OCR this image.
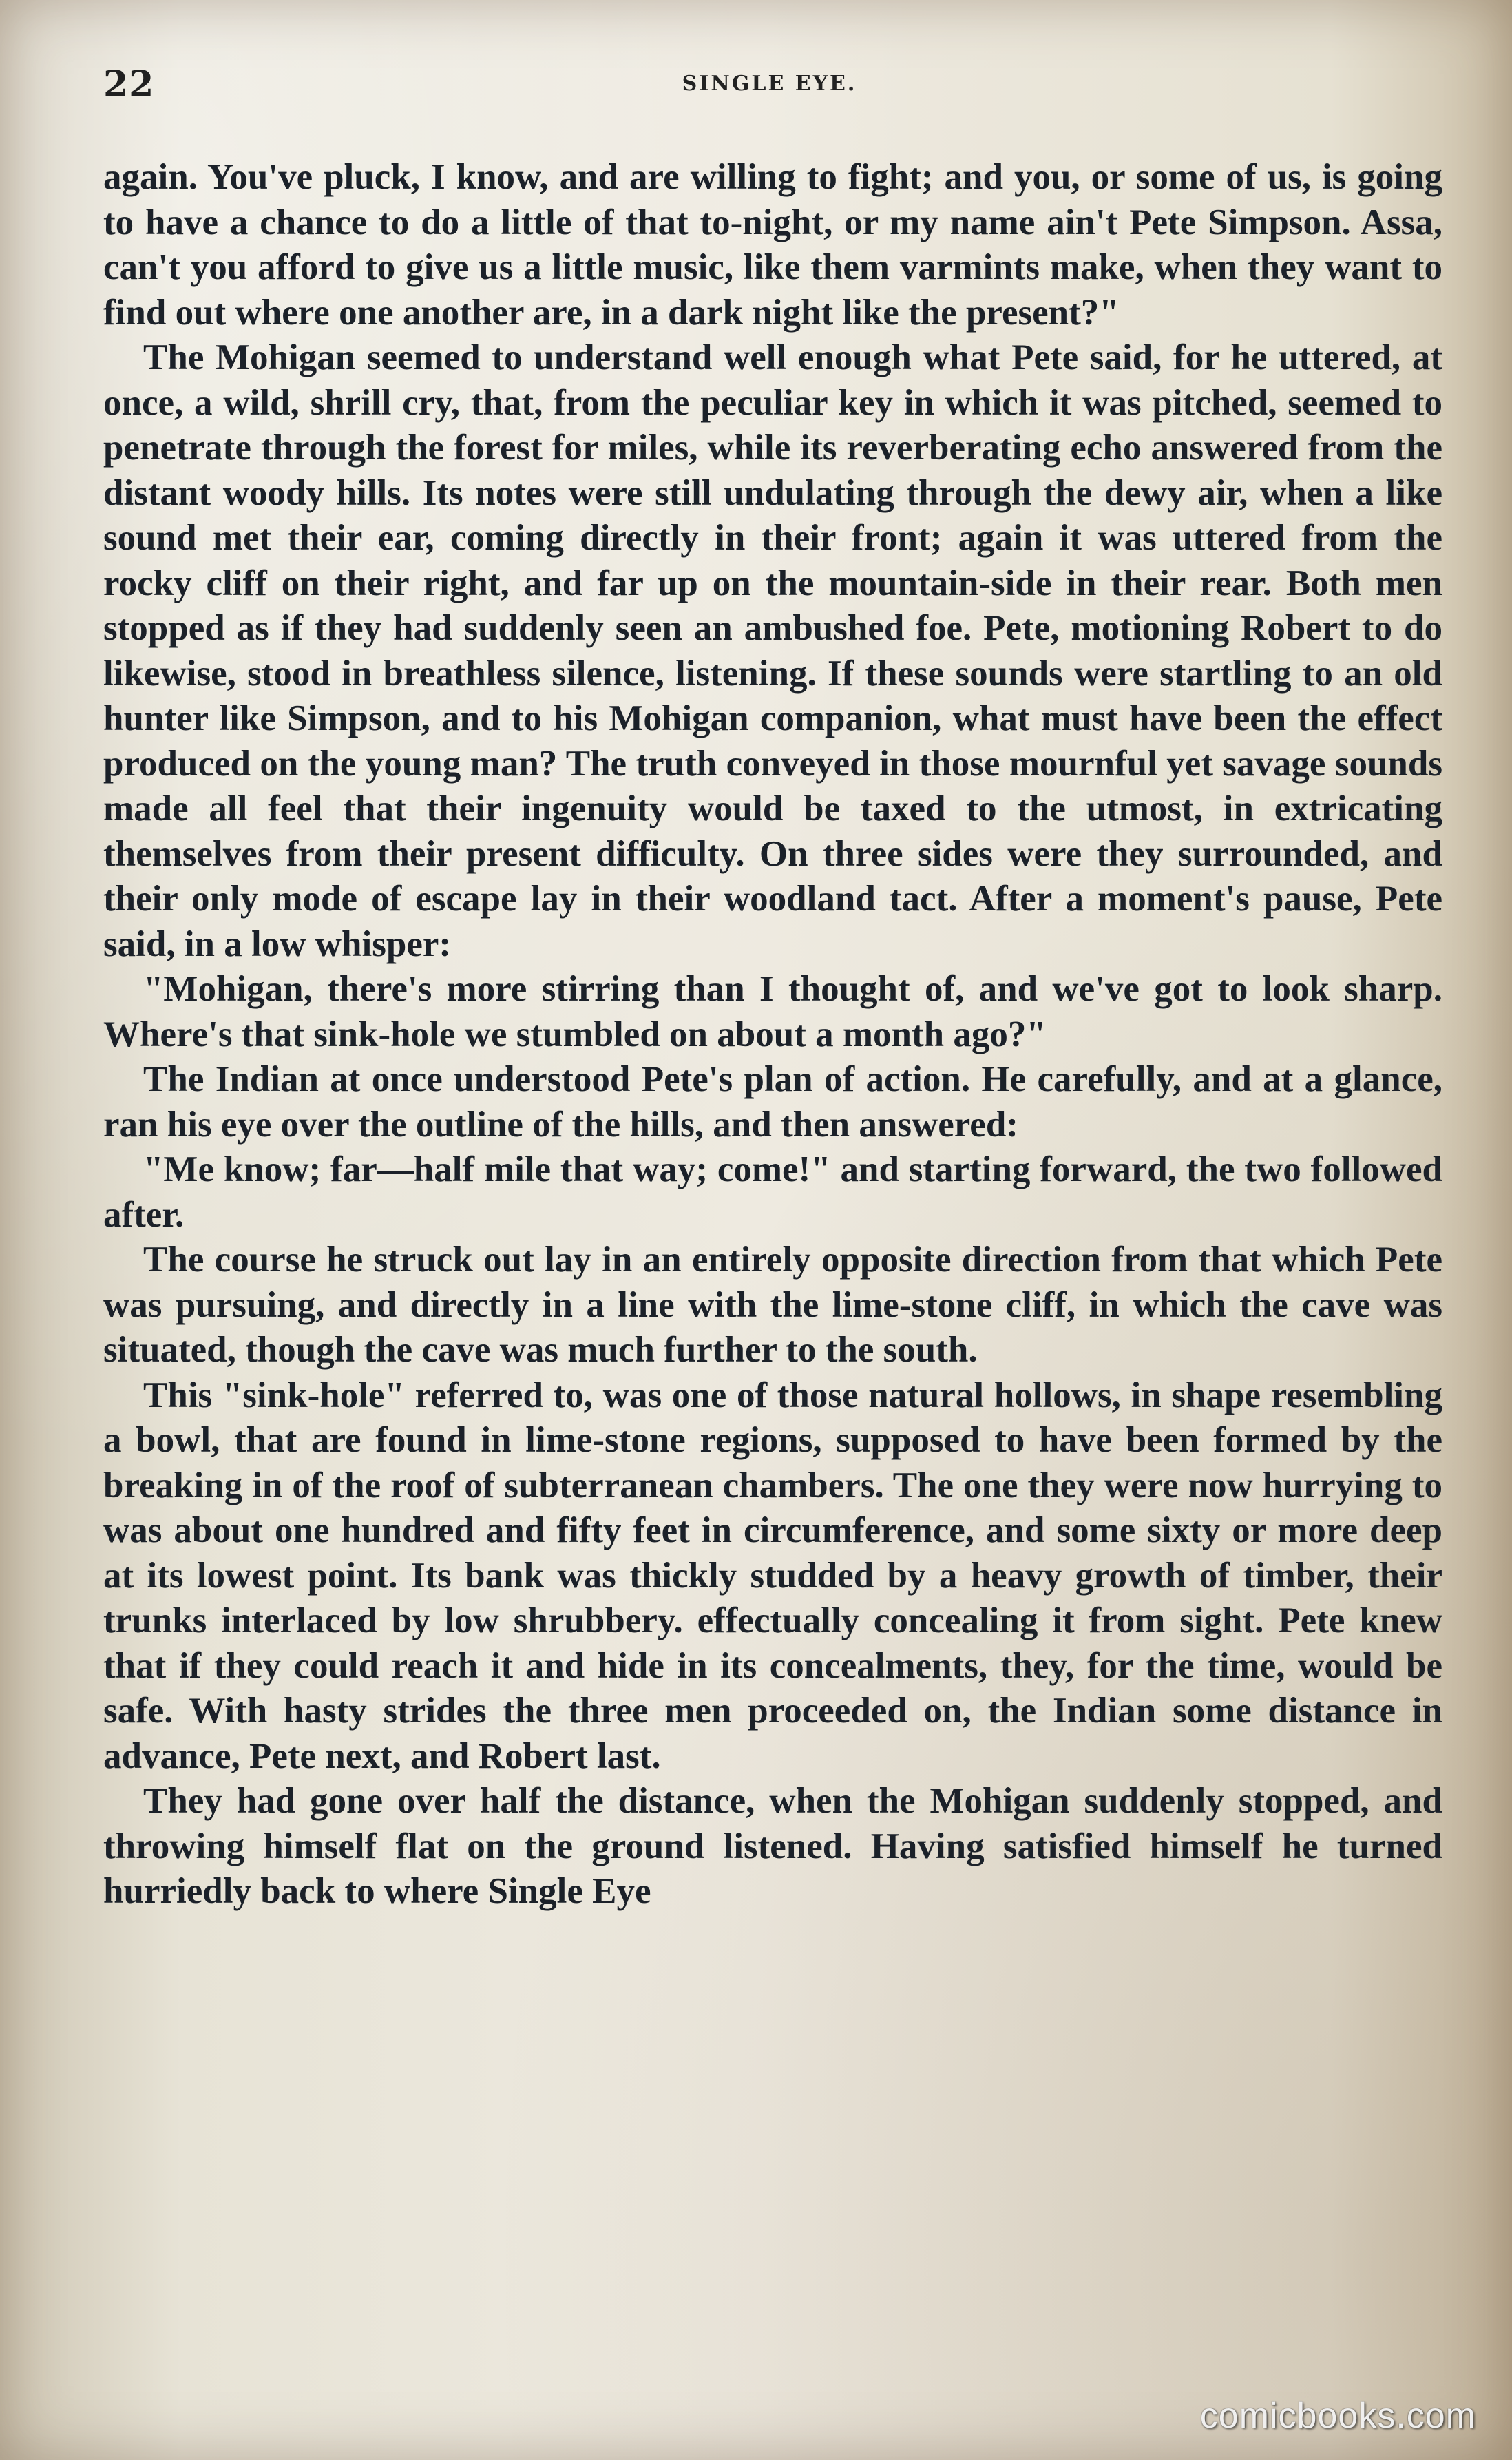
22	SINGLE EYE.

again. You've pluck, I know, and are willing to fight; and you, or some of us, is going to have a chance to do a little of that to-night, or my name ain't Pete Simpson. Assa, can't you afford to give us a little music, like them varmints make, when they want to find out where one another are, in a dark night like the present?"

The Mohigan seemed to understand well enough what Pete said, for he uttered, at once, a wild, shrill cry, that, from the peculiar key in which it was pitched, seemed to penetrate through the forest for miles, while its reverberating echo answered from the distant woody hills. Its notes were still undulating through the dewy air, when a like sound met their ear, coming directly in their front; again it was uttered from the rocky cliff on their right, and far up on the mountain-side in their rear. Both men stopped as if they had suddenly seen an ambushed foe. Pete, motioning Robert to do likewise, stood in breathless silence, listening. If these sounds were startling to an old hunter like Simpson, and to his Mohigan companion, what must have been the effect produced on the young man? The truth conveyed in those mournful yet savage sounds made all feel that their ingenuity would be taxed to the utmost, in extricating themselves from their present difficulty. On three sides were they surrounded, and their only mode of escape lay in their woodland tact. After a moment's pause, Pete said, in a low whisper:

"Mohigan, there's more stirring than I thought of, and we've got to look sharp. Where's that sink-hole we stumbled on about a month ago?"

The Indian at once understood Pete's plan of action. He carefully, and at a glance, ran his eye over the outline of the hills, and then answered:

"Me know; far—half mile that way; come!" and starting forward, the two followed after.

The course he struck out lay in an entirely opposite direction from that which Pete was pursuing, and directly in a line with the lime-stone cliff, in which the cave was situated, though the cave was much further to the south.

This "sink-hole" referred to, was one of those natural hollows, in shape resembling a bowl, that are found in lime-stone regions, supposed to have been formed by the breaking in of the roof of subterranean chambers. The one they were now hurrying to was about one hundred and fifty feet in circumference, and some sixty or more deep at its lowest point. Its bank was thickly studded by a heavy growth of timber, their trunks interlaced by low shrubbery. effectually concealing it from sight. Pete knew that if they could reach it and hide in its concealments, they, for the time, would be safe. With hasty strides the three men proceeded on, the Indian some distance in advance, Pete next, and Robert last.

They had gone over half the distance, when the Mohigan suddenly stopped, and throwing himself flat on the ground listened. Having satisfied himself he turned hurriedly back to where Single Eye

comicbooks.com
